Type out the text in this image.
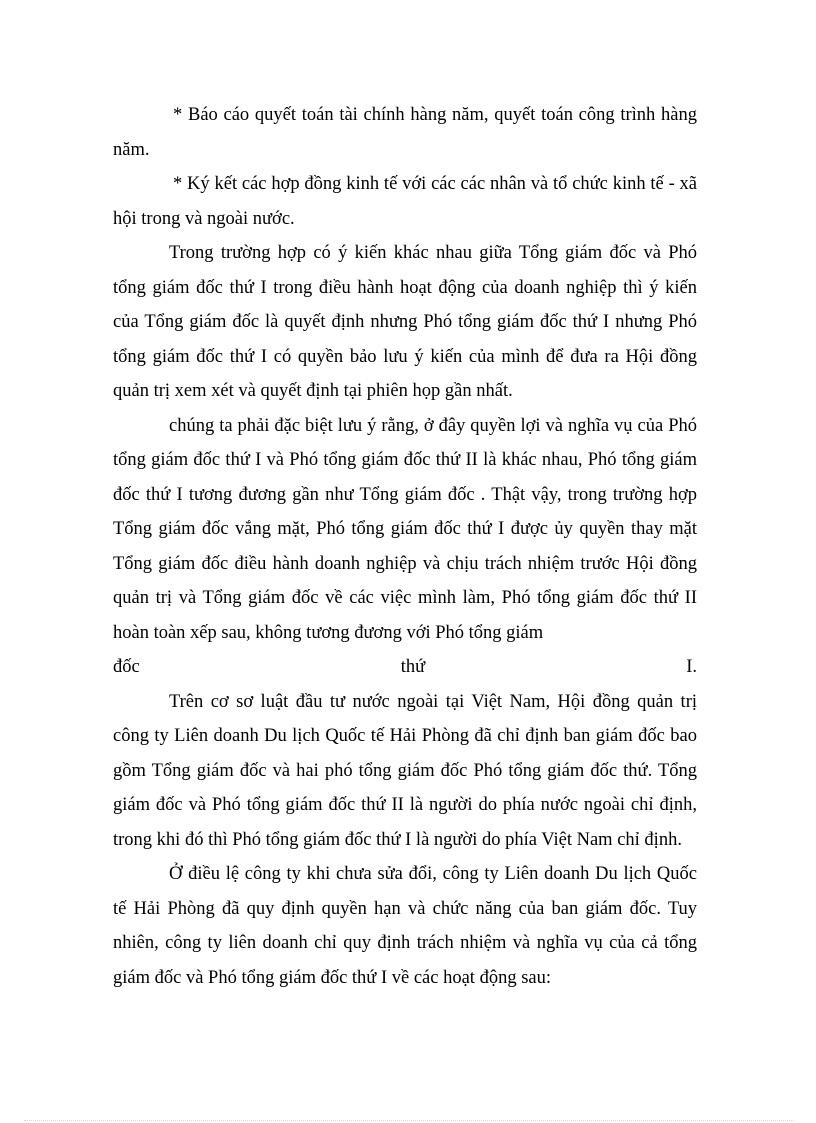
* Báo cáo quyết toán tài chính hàng năm, quyết toán công trình hàng năm.

* Ký kết các hợp đồng kinh tế với các các nhân và tổ chức kinh tế - xã hội trong và ngoài nước.

Trong trường hợp có ý kiến khác nhau giữa Tổng giám đốc và Phó tổng giám đốc thứ I trong điều hành hoạt động của doanh nghiệp thì ý kiến của Tổng giám đốc là quyết định nhưng Phó tổng giám đốc thứ I nhưng Phó tổng giám đốc thứ I có quyền bảo lưu ý kiến của mình để đưa ra Hội đồng quản trị xem xét và quyết định tại phiên họp gần nhất.

chúng ta phải đặc biệt lưu ý rằng, ở đây quyền lợi và nghĩa vụ của Phó tổng giám đốc thứ I và Phó tổng giám đốc thứ II là khác nhau, Phó tổng giám đốc thứ I tương đương gần như Tổng giám đốc . Thật vậy, trong trường hợp Tổng giám đốc vắng mặt, Phó tổng giám đốc thứ I được ủy quyền thay mặt Tổng giám đốc điều hành doanh nghiệp và chịu trách nhiệm trước Hội đồng quản trị và Tổng giám đốc về các việc mình làm, Phó tổng giám đốc thứ II hoàn toàn xếp sau, không tương đương với Phó tổng giám

đốc	thứ	I.

Trên cơ sơ luật đầu tư nước ngoài tại Việt Nam, Hội đồng quản trị công ty Liên doanh Du lịch Quốc tế Hải Phòng đã chỉ định ban giám đốc bao gồm Tổng giám đốc và hai phó tổng giám đốc Phó tổng giám đốc thứ. Tổng giám đốc và Phó tổng giám đốc thứ II là người do phía nước ngoài chỉ định, trong khi đó thì Phó tổng giám đốc thứ I là người do phía Việt Nam chỉ định.

Ở điều lệ công ty khi chưa sửa đổi, công ty Liên doanh Du lịch Quốc tế Hải Phòng đã quy định quyền hạn và chức năng của ban giám đốc. Tuy nhiên, công ty liên doanh chỉ quy định trách nhiệm và nghĩa vụ của cả tổng giám đốc và Phó tổng giám đốc thứ I về các hoạt động sau:
